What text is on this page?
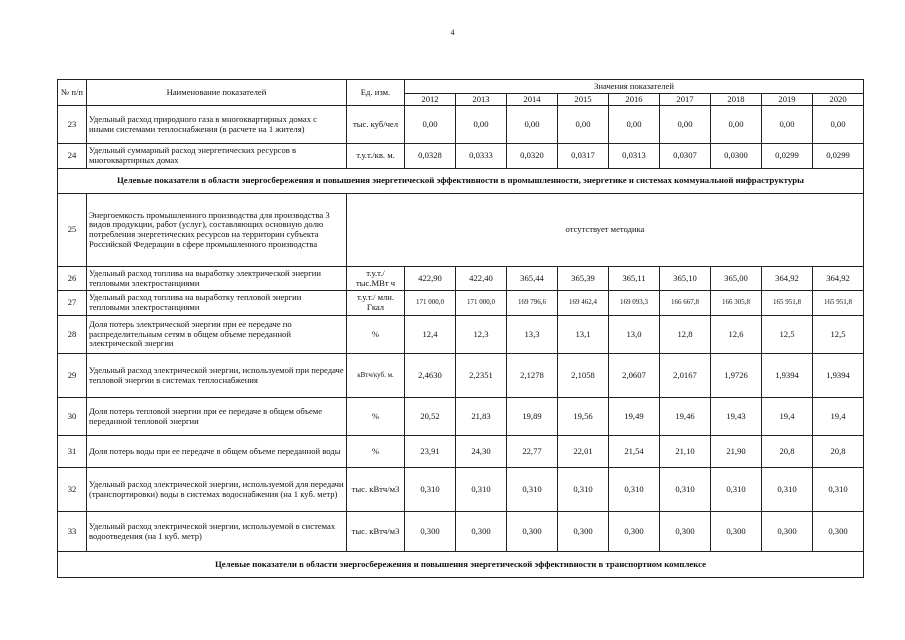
4
№ п/п	Наименование показателей	Ед. изм.	Значения показателей								
			2012	2013	2014	2015	2016	2017	2018	2019	2020
23	Удельный расход природного газа в многоквартирных домах с иными системами теплоснабжения (в расчете на 1 жителя)	тыс. куб/чел	0,00	0,00	0,00	0,00	0,00	0,00	0,00	0,00	0,00
24	Удельный суммарный расход энергетических ресурсов в многоквартирных домах	т.у.т./кв. м.	0,0328	0,0333	0,0320	0,0317	0,0313	0,0307	0,0300	0,0299	0,0299
Целевые показатели в области энергосбережения и повышения энергетической эффективности в промышленности, энергетике и системах коммунальной инфраструктуры											
25	Энергоемкость промышленного производства для производства 3 видов продукции, работ (услуг), составляющих основную долю потребления энергетических ресурсов на территории субъекта Российской Федерации в сфере промышленного производства	отсутствует методика									
26	Удельный расход топлива на выработку электрической энергии тепловыми электростанциями	т.у.т./ тыс.МВт ч	422,90	422,40	365,44	365,39	365,11	365,10	365,00	364,92	364,92
27	Удельный расход топлива на выработку тепловой энергии тепловыми электростанциями	т.у.т./ млн. Гкал	171 000,0	171 000,0	169 796,6	169 462,4	169 093,3	166 667,8	166 305,8	165 951,8	165 951,8
28	Доля потерь электрической энергии при ее передаче по распределительным сетям в общем объеме переданной электрической энергии	%	12,4	12,3	13,3	13,1	13,0	12,8	12,6	12,5	12,5
29	Удельный расход электрической энергии, используемой при передаче тепловой энергии в системах теплоснабжения	кВтч/куб. м.	2,4630	2,2351	2,1278	2,1058	2,0607	2,0167	1,9726	1,9394	1,9394
30	Доля потерь тепловой энергии при ее передаче в общем объеме переданной тепловой энергии	%	20,52	21,83	19,89	19,56	19,49	19,46	19,43	19,4	19,4
31	Доля потерь воды при ее передаче в общем объеме переданной воды	%	23,91	24,30	22,77	22,01	21,54	21,10	21,90	20,8	20,8
32	Удельный расход электрической энергии, используемой для передачи (транспортировки) воды в системах водоснабжения (на 1 куб. метр)	тыс. кВтч/м3	0,310	0,310	0,310	0,310	0,310	0,310	0,310	0,310	0,310
33	Удельный расход электрической энергии, используемой в системах водоотведения (на 1 куб. метр)	тыс. кВтч/м3	0,300	0,300	0,300	0,300	0,300	0,300	0,300	0,300	0,300
Целевые показатели в области энергосбережения и повышения энергетической эффективности в транспортном комплексе											
